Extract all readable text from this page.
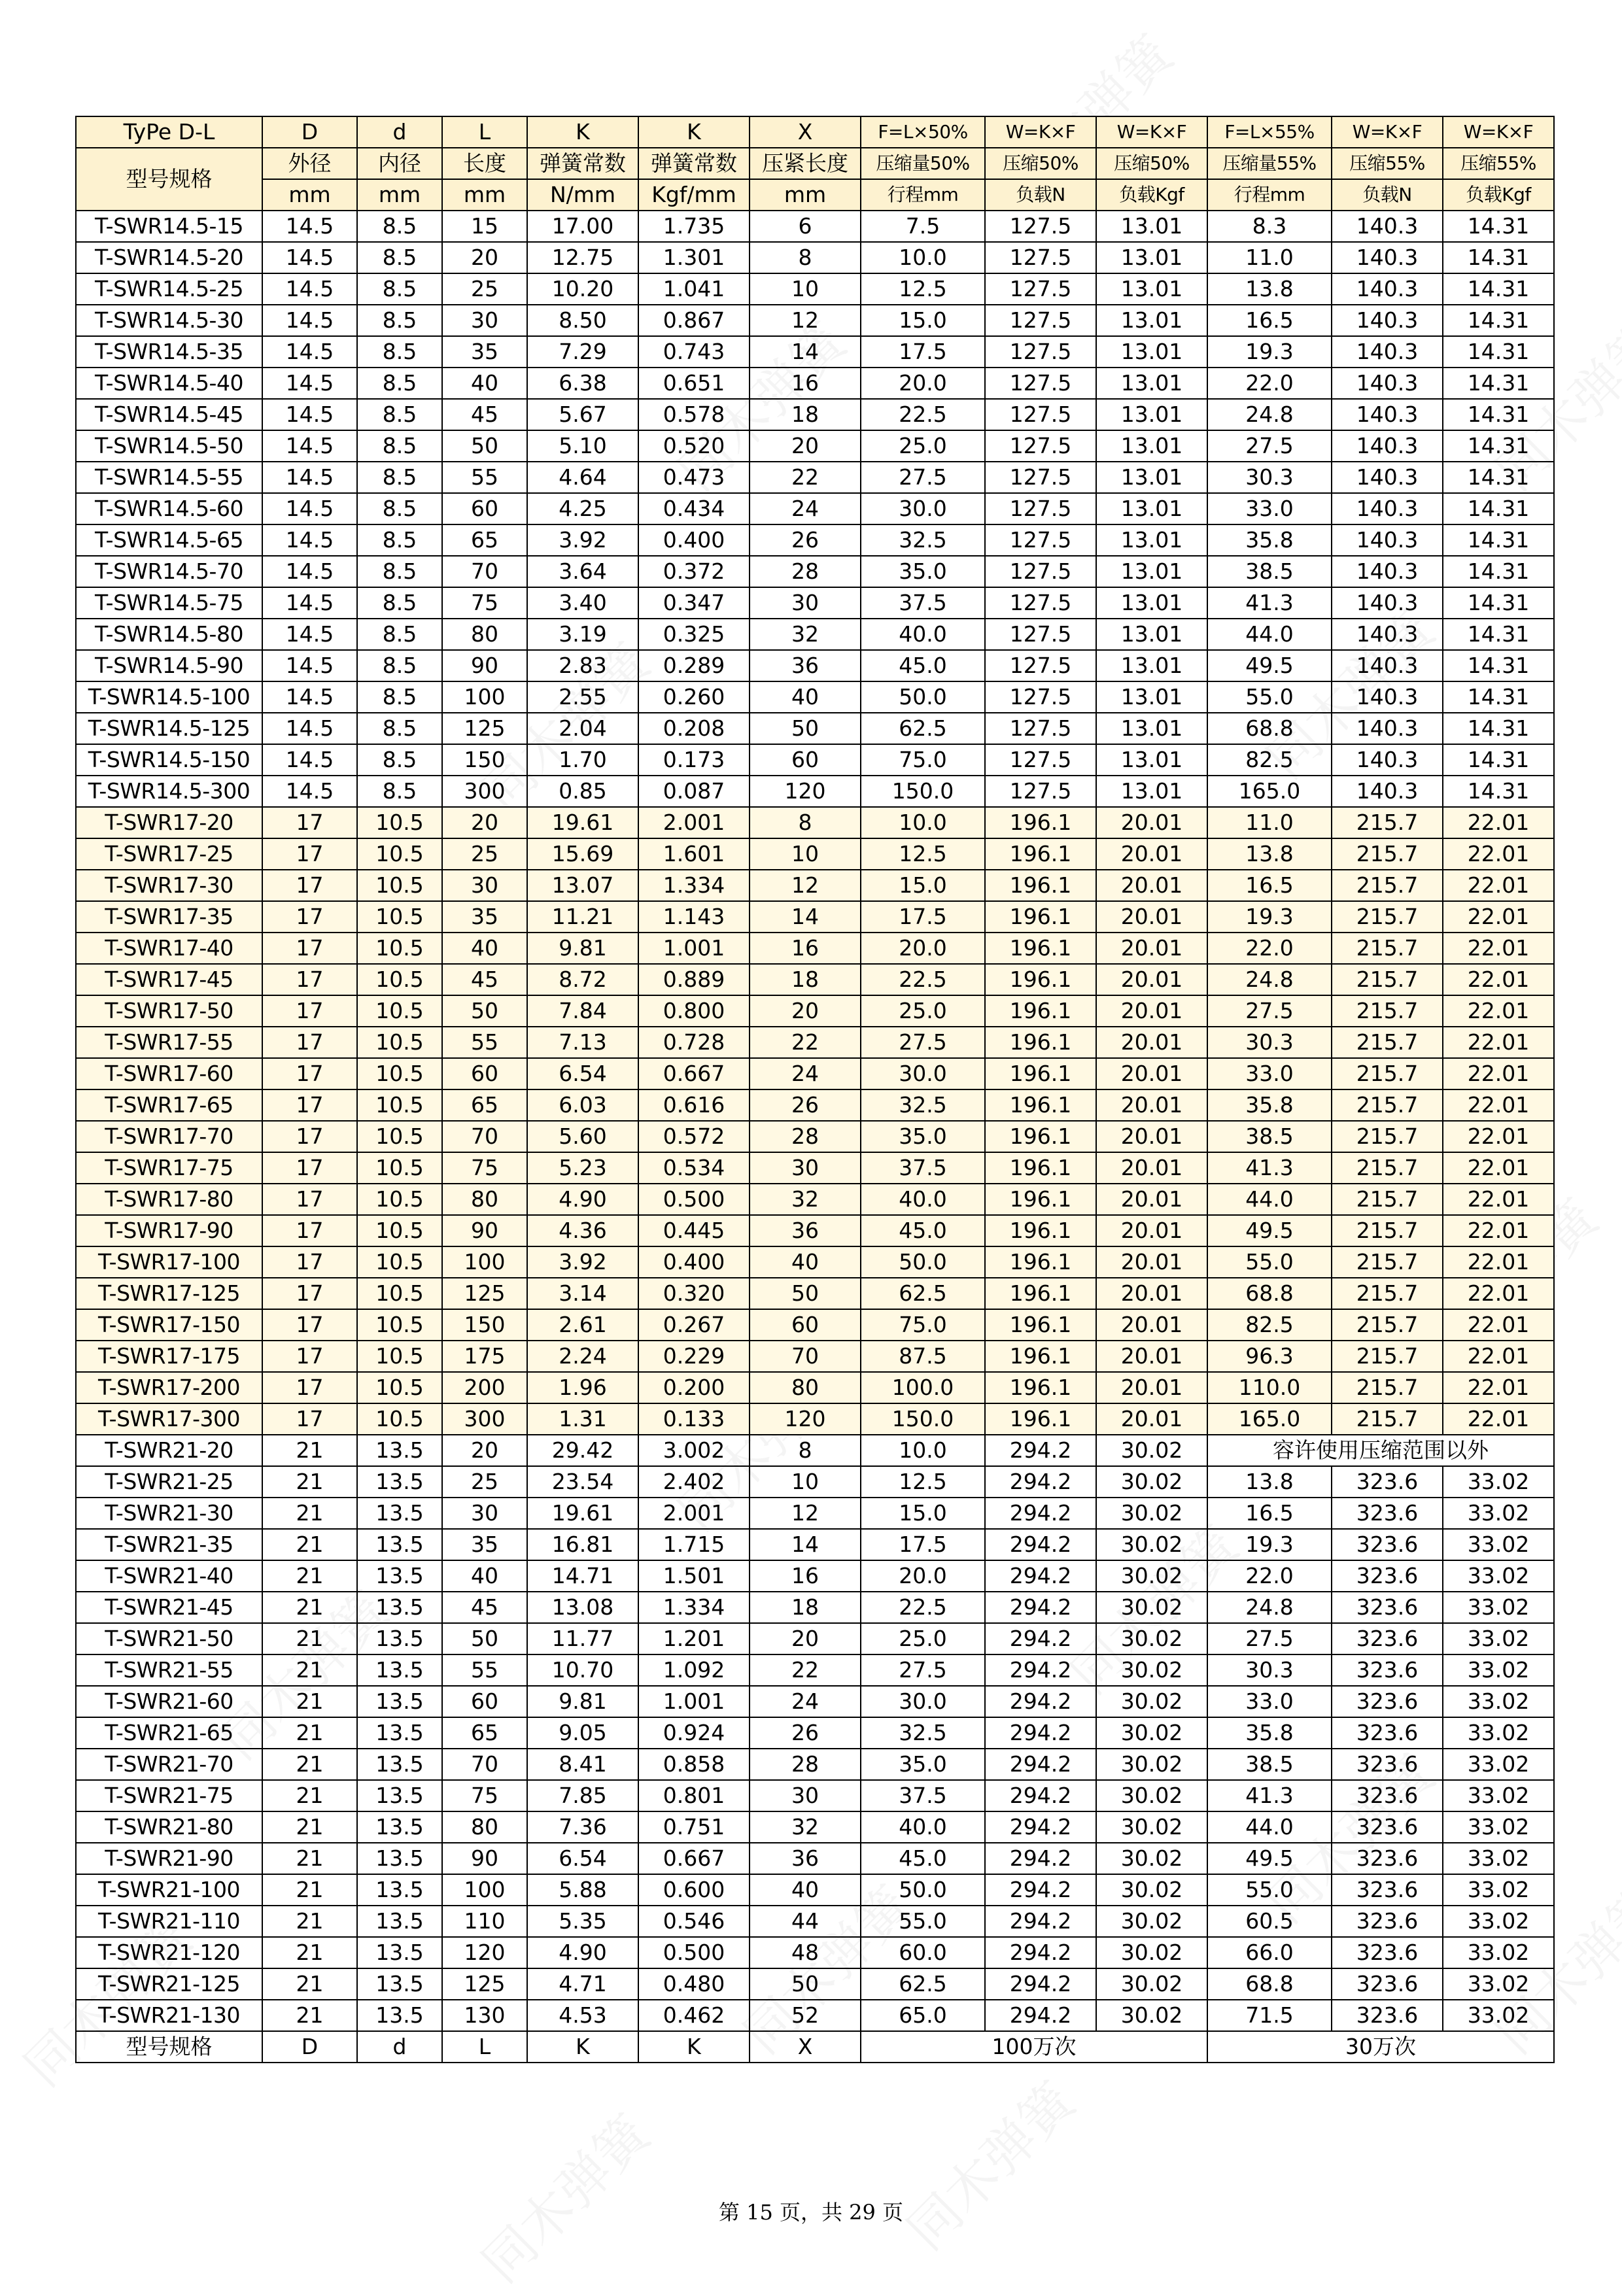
TyPe D-L	D	d	L	K	K	X	F=L×50%	W=K×F	W=K×F	F=L×55%	W=K×F	W=K×F
型号规格	外径	内径	长度	弹簧常数	弹簧常数	压紧长度	压缩量50%	压缩50%	压缩50%	压缩量55%	压缩55%	压缩55%
	mm	mm	mm	N/mm	Kgf/mm	mm	行程mm	负载N	负载Kgf	行程mm	负载N	负载Kgf
T-SWR14.5-15	14.5	8.5	15	17.00	1.735	6	7.5	127.5	13.01	8.3	140.3	14.31
T-SWR14.5-20	14.5	8.5	20	12.75	1.301	8	10.0	127.5	13.01	11.0	140.3	14.31
T-SWR14.5-25	14.5	8.5	25	10.20	1.041	10	12.5	127.5	13.01	13.8	140.3	14.31
T-SWR14.5-30	14.5	8.5	30	8.50	0.867	12	15.0	127.5	13.01	16.5	140.3	14.31
T-SWR14.5-35	14.5	8.5	35	7.29	0.743	14	17.5	127.5	13.01	19.3	140.3	14.31
T-SWR14.5-40	14.5	8.5	40	6.38	0.651	16	20.0	127.5	13.01	22.0	140.3	14.31
T-SWR14.5-45	14.5	8.5	45	5.67	0.578	18	22.5	127.5	13.01	24.8	140.3	14.31
T-SWR14.5-50	14.5	8.5	50	5.10	0.520	20	25.0	127.5	13.01	27.5	140.3	14.31
T-SWR14.5-55	14.5	8.5	55	4.64	0.473	22	27.5	127.5	13.01	30.3	140.3	14.31
T-SWR14.5-60	14.5	8.5	60	4.25	0.434	24	30.0	127.5	13.01	33.0	140.3	14.31
T-SWR14.5-65	14.5	8.5	65	3.92	0.400	26	32.5	127.5	13.01	35.8	140.3	14.31
T-SWR14.5-70	14.5	8.5	70	3.64	0.372	28	35.0	127.5	13.01	38.5	140.3	14.31
T-SWR14.5-75	14.5	8.5	75	3.40	0.347	30	37.5	127.5	13.01	41.3	140.3	14.31
T-SWR14.5-80	14.5	8.5	80	3.19	0.325	32	40.0	127.5	13.01	44.0	140.3	14.31
T-SWR14.5-90	14.5	8.5	90	2.83	0.289	36	45.0	127.5	13.01	49.5	140.3	14.31
T-SWR14.5-100	14.5	8.5	100	2.55	0.260	40	50.0	127.5	13.01	55.0	140.3	14.31
T-SWR14.5-125	14.5	8.5	125	2.04	0.208	50	62.5	127.5	13.01	68.8	140.3	14.31
T-SWR14.5-150	14.5	8.5	150	1.70	0.173	60	75.0	127.5	13.01	82.5	140.3	14.31
T-SWR14.5-300	14.5	8.5	300	0.85	0.087	120	150.0	127.5	13.01	165.0	140.3	14.31
T-SWR17-20	17	10.5	20	19.61	2.001	8	10.0	196.1	20.01	11.0	215.7	22.01
T-SWR17-25	17	10.5	25	15.69	1.601	10	12.5	196.1	20.01	13.8	215.7	22.01
T-SWR17-30	17	10.5	30	13.07	1.334	12	15.0	196.1	20.01	16.5	215.7	22.01
T-SWR17-35	17	10.5	35	11.21	1.143	14	17.5	196.1	20.01	19.3	215.7	22.01
T-SWR17-40	17	10.5	40	9.81	1.001	16	20.0	196.1	20.01	22.0	215.7	22.01
T-SWR17-45	17	10.5	45	8.72	0.889	18	22.5	196.1	20.01	24.8	215.7	22.01
T-SWR17-50	17	10.5	50	7.84	0.800	20	25.0	196.1	20.01	27.5	215.7	22.01
T-SWR17-55	17	10.5	55	7.13	0.728	22	27.5	196.1	20.01	30.3	215.7	22.01
T-SWR17-60	17	10.5	60	6.54	0.667	24	30.0	196.1	20.01	33.0	215.7	22.01
T-SWR17-65	17	10.5	65	6.03	0.616	26	32.5	196.1	20.01	35.8	215.7	22.01
T-SWR17-70	17	10.5	70	5.60	0.572	28	35.0	196.1	20.01	38.5	215.7	22.01
T-SWR17-75	17	10.5	75	5.23	0.534	30	37.5	196.1	20.01	41.3	215.7	22.01
T-SWR17-80	17	10.5	80	4.90	0.500	32	40.0	196.1	20.01	44.0	215.7	22.01
T-SWR17-90	17	10.5	90	4.36	0.445	36	45.0	196.1	20.01	49.5	215.7	22.01
T-SWR17-100	17	10.5	100	3.92	0.400	40	50.0	196.1	20.01	55.0	215.7	22.01
T-SWR17-125	17	10.5	125	3.14	0.320	50	62.5	196.1	20.01	68.8	215.7	22.01
T-SWR17-150	17	10.5	150	2.61	0.267	60	75.0	196.1	20.01	82.5	215.7	22.01
T-SWR17-175	17	10.5	175	2.24	0.229	70	87.5	196.1	20.01	96.3	215.7	22.01
T-SWR17-200	17	10.5	200	1.96	0.200	80	100.0	196.1	20.01	110.0	215.7	22.01
T-SWR17-300	17	10.5	300	1.31	0.133	120	150.0	196.1	20.01	165.0	215.7	22.01
T-SWR21-20	21	13.5	20	29.42	3.002	8	10.0	294.2	30.02	容许使用压缩范围以外		
T-SWR21-25	21	13.5	25	23.54	2.402	10	12.5	294.2	30.02	13.8	323.6	33.02
T-SWR21-30	21	13.5	30	19.61	2.001	12	15.0	294.2	30.02	16.5	323.6	33.02
T-SWR21-35	21	13.5	35	16.81	1.715	14	17.5	294.2	30.02	19.3	323.6	33.02
T-SWR21-40	21	13.5	40	14.71	1.501	16	20.0	294.2	30.02	22.0	323.6	33.02
T-SWR21-45	21	13.5	45	13.08	1.334	18	22.5	294.2	30.02	24.8	323.6	33.02
T-SWR21-50	21	13.5	50	11.77	1.201	20	25.0	294.2	30.02	27.5	323.6	33.02
T-SWR21-55	21	13.5	55	10.70	1.092	22	27.5	294.2	30.02	30.3	323.6	33.02
T-SWR21-60	21	13.5	60	9.81	1.001	24	30.0	294.2	30.02	33.0	323.6	33.02
T-SWR21-65	21	13.5	65	9.05	0.924	26	32.5	294.2	30.02	35.8	323.6	33.02
T-SWR21-70	21	13.5	70	8.41	0.858	28	35.0	294.2	30.02	38.5	323.6	33.02
T-SWR21-75	21	13.5	75	7.85	0.801	30	37.5	294.2	30.02	41.3	323.6	33.02
T-SWR21-80	21	13.5	80	7.36	0.751	32	40.0	294.2	30.02	44.0	323.6	33.02
T-SWR21-90	21	13.5	90	6.54	0.667	36	45.0	294.2	30.02	49.5	323.6	33.02
T-SWR21-100	21	13.5	100	5.88	0.600	40	50.0	294.2	30.02	55.0	323.6	33.02
T-SWR21-110	21	13.5	110	5.35	0.546	44	55.0	294.2	30.02	60.5	323.6	33.02
T-SWR21-120	21	13.5	120	4.90	0.500	48	60.0	294.2	30.02	66.0	323.6	33.02
T-SWR21-125	21	13.5	125	4.71	0.480	50	62.5	294.2	30.02	68.8	323.6	33.02
T-SWR21-130	21	13.5	130	4.53	0.462	52	65.0	294.2	30.02	71.5	323.6	33.02
型号规格	D	d	L	K	K	X	100万次			30万次		
第 15 页，共 29 页
